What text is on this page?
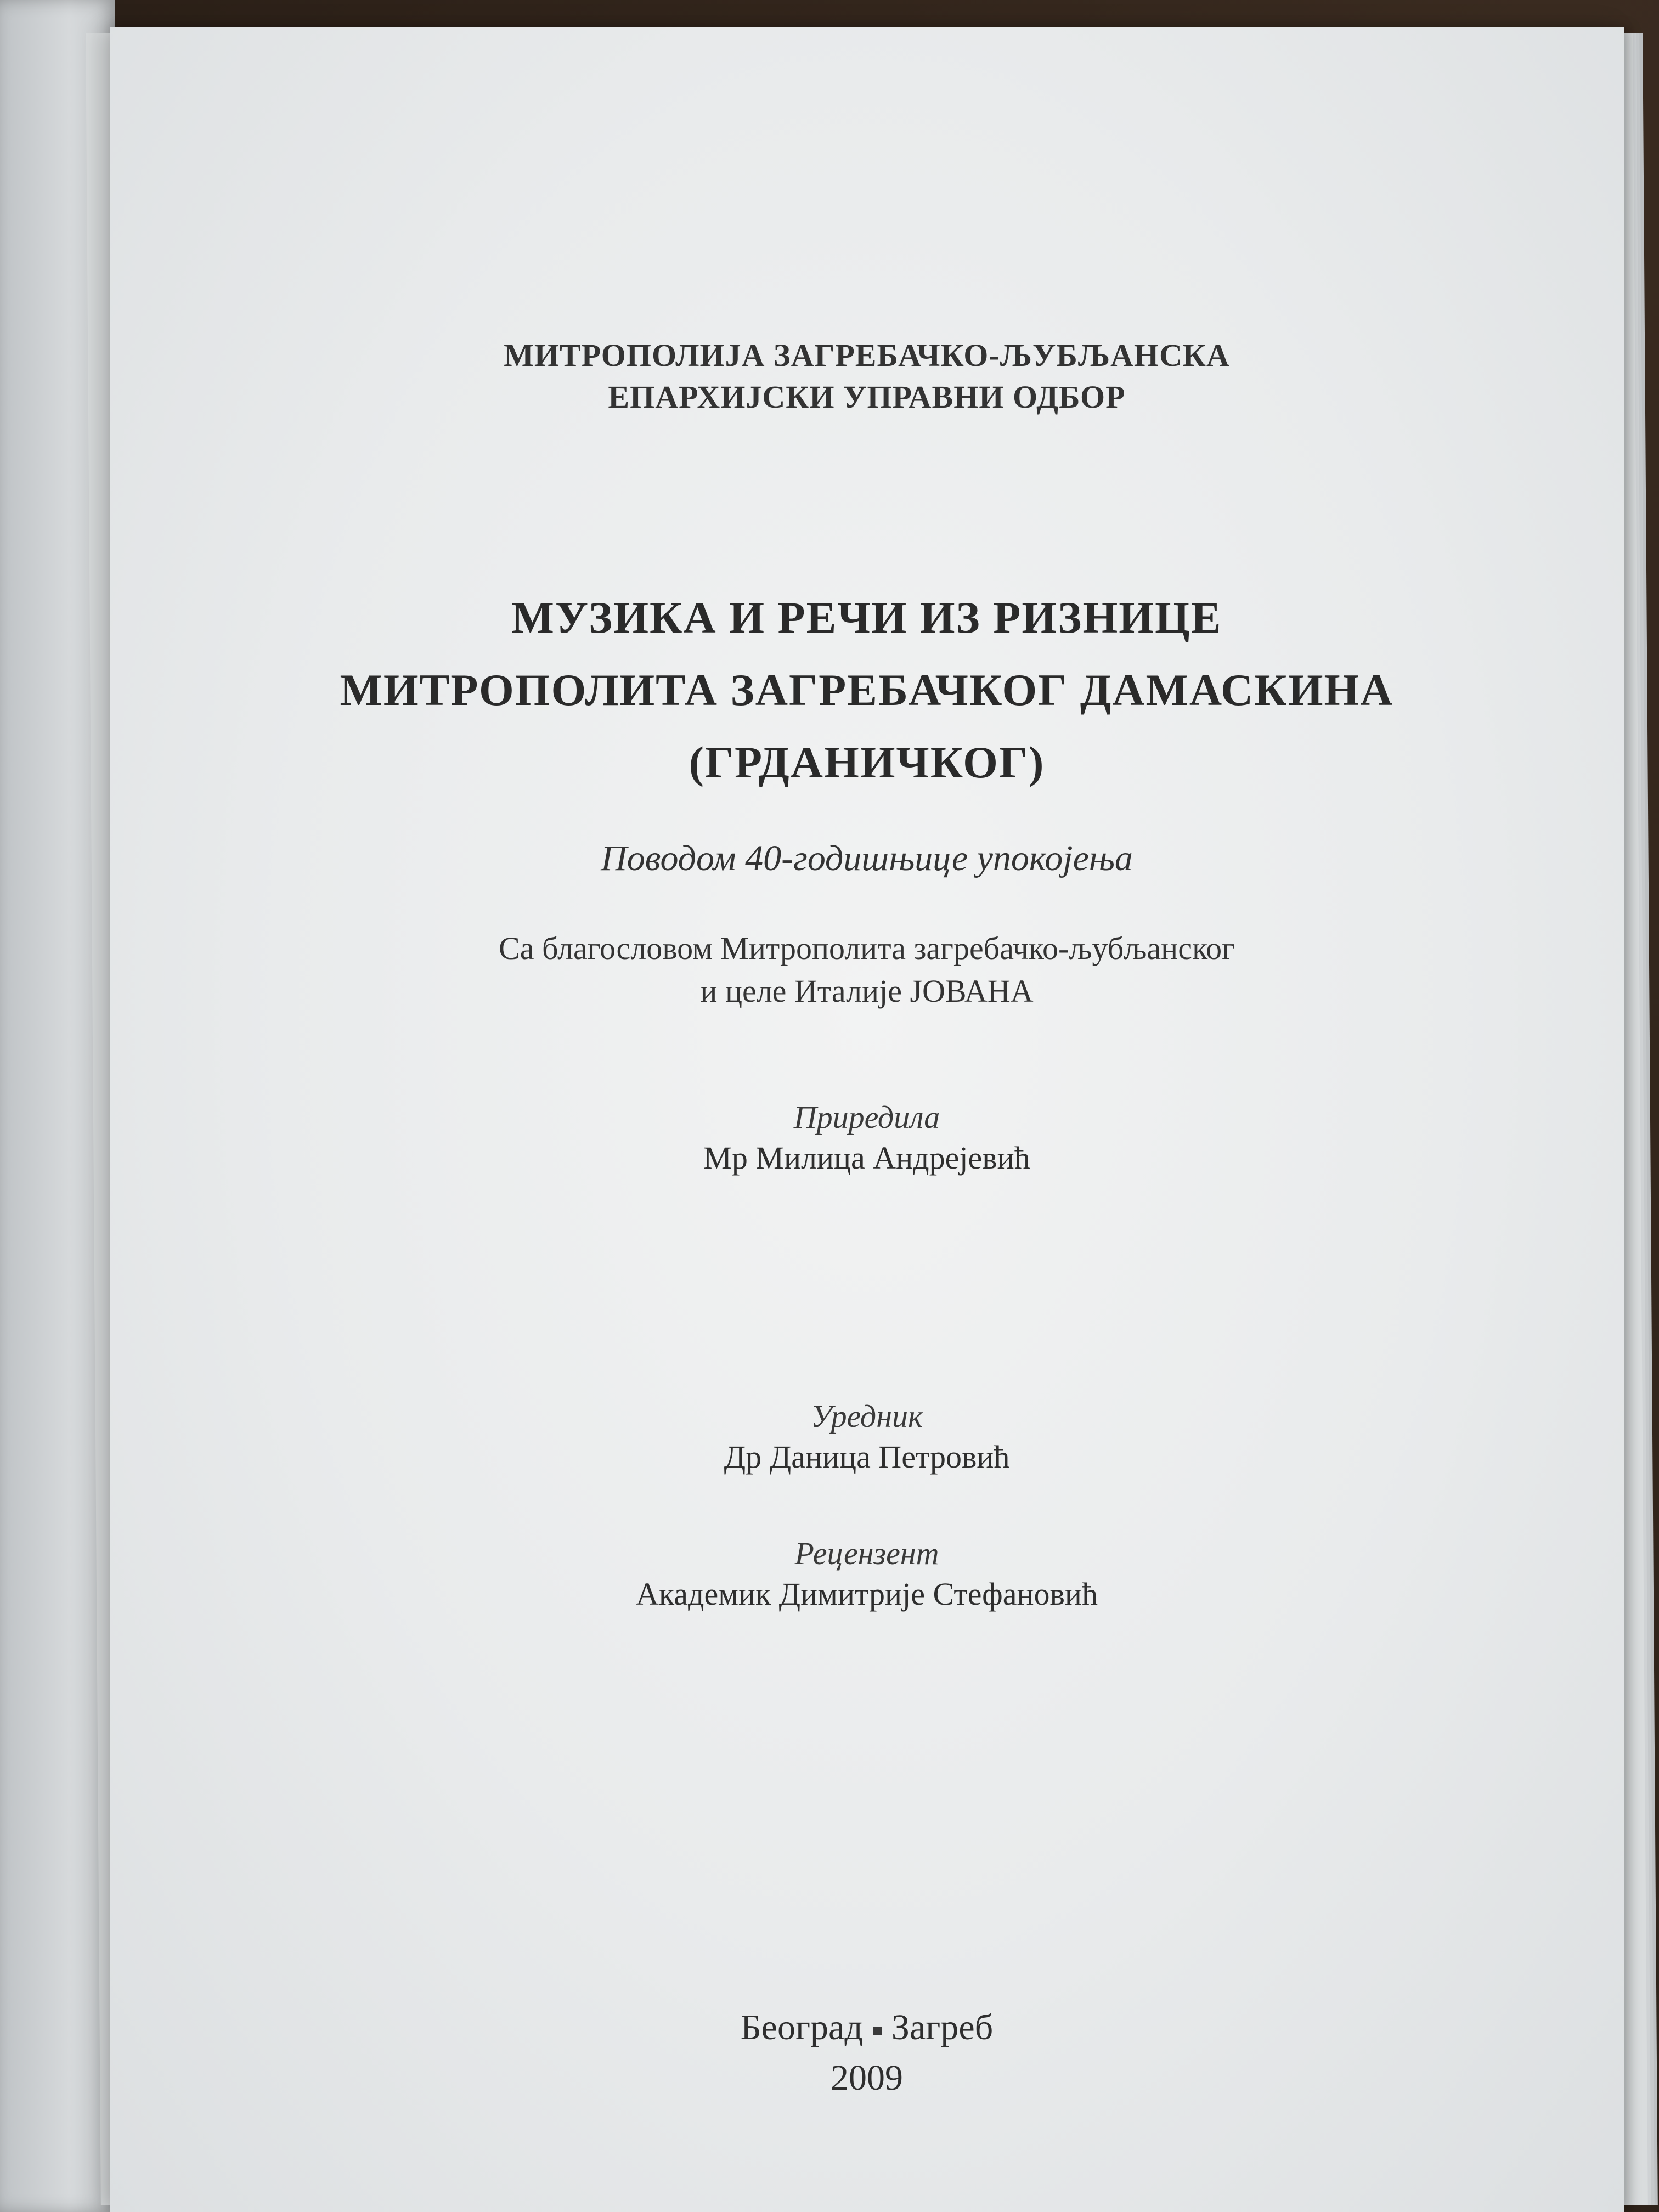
МИТРОПОЛИЈА ЗАГРЕБАЧКО-ЉУБЉАНСКА
ЕПАРХИЈСКИ УПРАВНИ ОДБОР
МУЗИКА И РЕЧИ ИЗ РИЗНИЦЕ
МИТРОПОЛИТА ЗАГРЕБАЧКОГ ДАМАСКИНА
(ГРДАНИЧКОГ)
Поводом 40-годишњице упокојења
Са благословом Митрополита загребачко-љубљанског
и целе Италије ЈОВАНА
Приредила
Мр Милица Андрејевић
Уредник
Др Даница Петровић
Рецензент
Академик Димитрије Стефановић
Београд Загреб
2009
